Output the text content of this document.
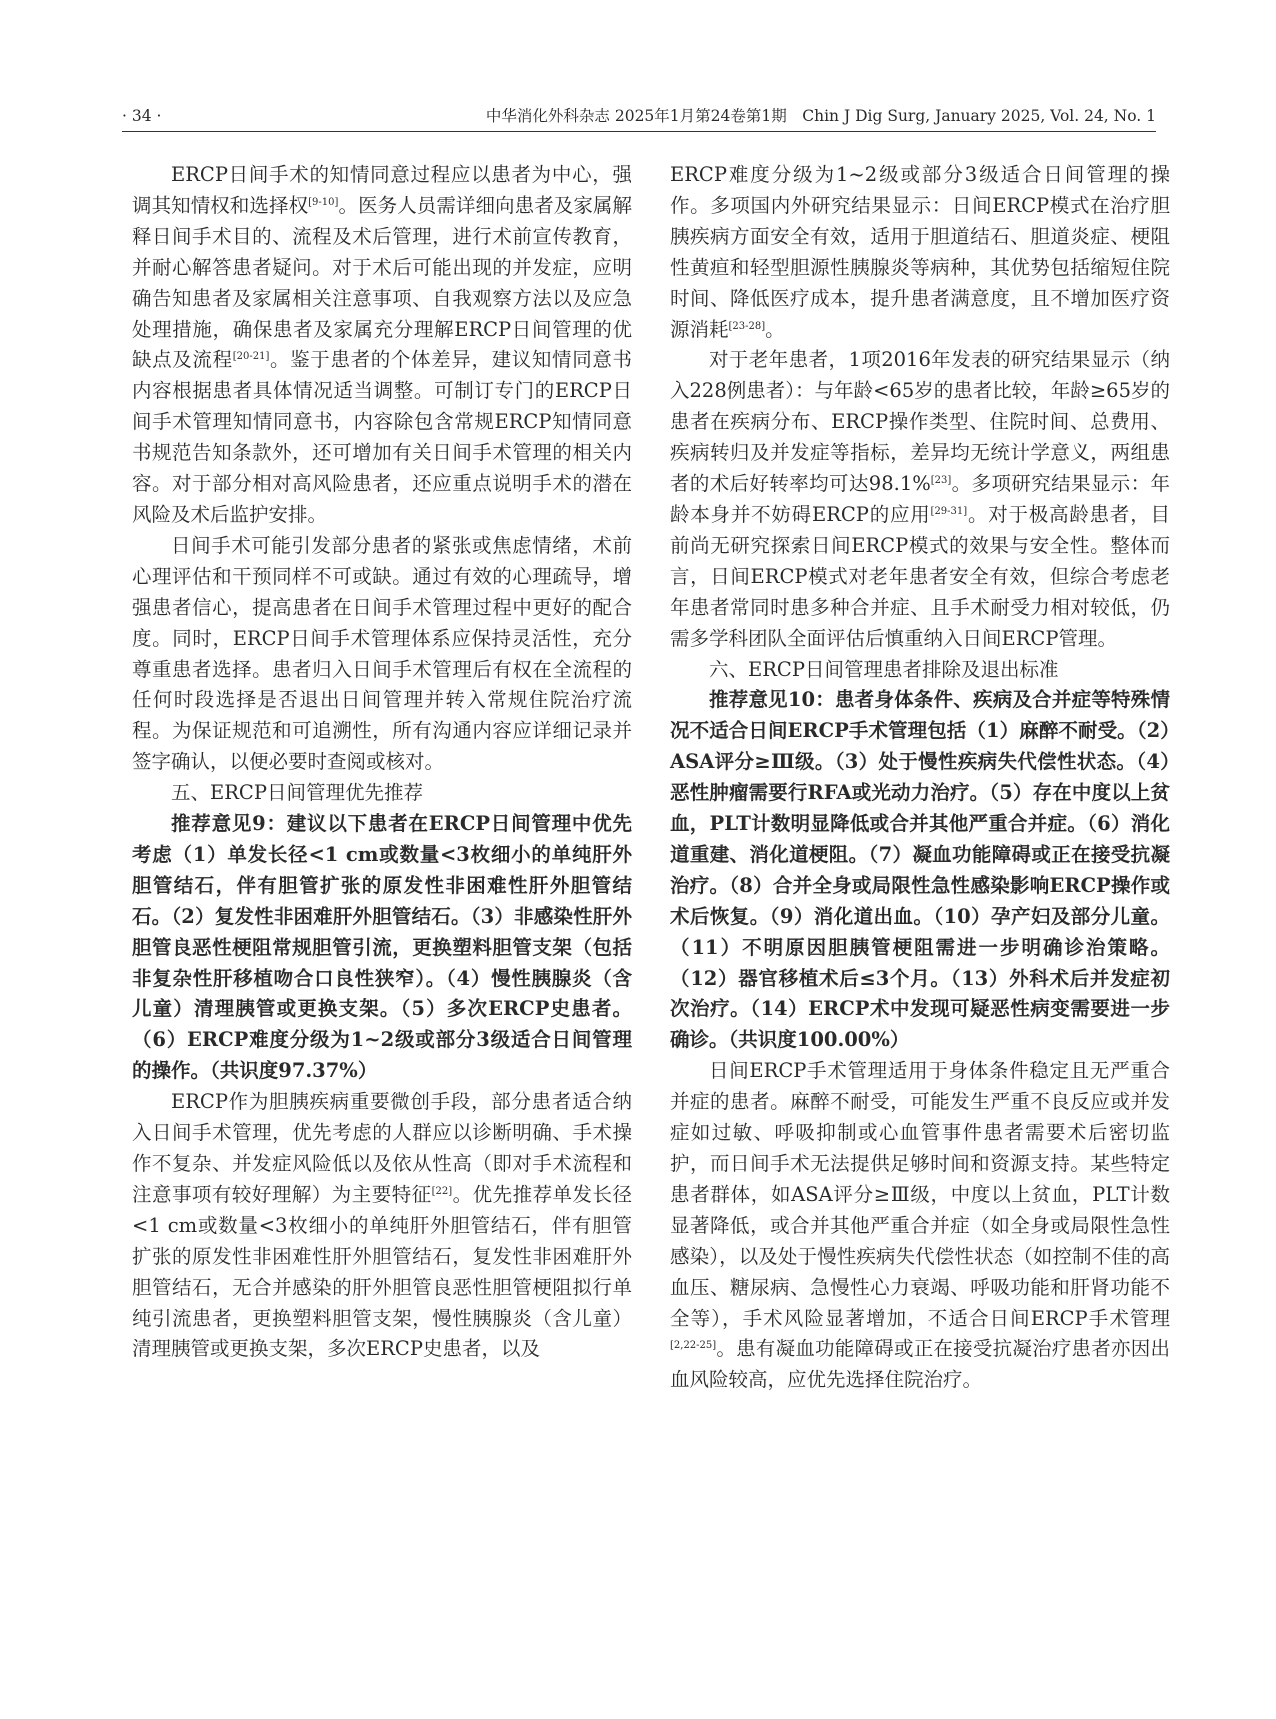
· 34 ·	中华消化外科杂志 2025年1月第24卷第1期　Chin J Dig Surg, January 2025, Vol. 24, No. 1

ERCP日间手术的知情同意过程应以患者为中心，强调其知情权和选择权[9-10]。医务人员需详细向患者及家属解释日间手术目的、流程及术后管理，进行术前宣传教育，并耐心解答患者疑问。对于术后可能出现的并发症，应明确告知患者及家属相关注意事项、自我观察方法以及应急处理措施，确保患者及家属充分理解ERCP日间管理的优缺点及流程[20-21]。鉴于患者的个体差异，建议知情同意书内容根据患者具体情况适当调整。可制订专门的ERCP日间手术管理知情同意书，内容除包含常规ERCP知情同意书规范告知条款外，还可增加有关日间手术管理的相关内容。对于部分相对高风险患者，还应重点说明手术的潜在风险及术后监护安排。

日间手术可能引发部分患者的紧张或焦虑情绪，术前心理评估和干预同样不可或缺。通过有效的心理疏导，增强患者信心，提高患者在日间手术管理过程中更好的配合度。同时，ERCP日间手术管理体系应保持灵活性，充分尊重患者选择。患者归入日间手术管理后有权在全流程的任何时段选择是否退出日间管理并转入常规住院治疗流程。为保证规范和可追溯性，所有沟通内容应详细记录并签字确认，以便必要时查阅或核对。

五、ERCP日间管理优先推荐

推荐意见9：建议以下患者在ERCP日间管理中优先考虑（1）单发长径<1 cm或数量<3枚细小的单纯肝外胆管结石，伴有胆管扩张的原发性非困难性肝外胆管结石。（2）复发性非困难肝外胆管结石。（3）非感染性肝外胆管良恶性梗阻常规胆管引流，更换塑料胆管支架（包括非复杂性肝移植吻合口良性狭窄）。（4）慢性胰腺炎（含儿童）清理胰管或更换支架。（5）多次ERCP史患者。（6）ERCP难度分级为1~2级或部分3级适合日间管理的操作。（共识度97.37%）

ERCP作为胆胰疾病重要微创手段，部分患者适合纳入日间手术管理，优先考虑的人群应以诊断明确、手术操作不复杂、并发症风险低以及依从性高（即对手术流程和注意事项有较好理解）为主要特征[22]。优先推荐单发长径<1 cm或数量<3枚细小的单纯肝外胆管结石，伴有胆管扩张的原发性非困难性肝外胆管结石，复发性非困难肝外胆管结石，无合并感染的肝外胆管良恶性胆管梗阻拟行单纯引流患者，更换塑料胆管支架，慢性胰腺炎（含儿童）清理胰管或更换支架，多次ERCP史患者，以及

ERCP难度分级为1~2级或部分3级适合日间管理的操作。多项国内外研究结果显示：日间ERCP模式在治疗胆胰疾病方面安全有效，适用于胆道结石、胆道炎症、梗阻性黄疸和轻型胆源性胰腺炎等病种，其优势包括缩短住院时间、降低医疗成本，提升患者满意度，且不增加医疗资源消耗[23-28]。

对于老年患者，1项2016年发表的研究结果显示（纳入228例患者）：与年龄<65岁的患者比较，年龄≥65岁的患者在疾病分布、ERCP操作类型、住院时间、总费用、疾病转归及并发症等指标，差异均无统计学意义，两组患者的术后好转率均可达98.1%[23]。多项研究结果显示：年龄本身并不妨碍ERCP的应用[29-31]。对于极高龄患者，目前尚无研究探索日间ERCP模式的效果与安全性。整体而言，日间ERCP模式对老年患者安全有效，但综合考虑老年患者常同时患多种合并症、且手术耐受力相对较低，仍需多学科团队全面评估后慎重纳入日间ERCP管理。

六、ERCP日间管理患者排除及退出标准

推荐意见10：患者身体条件、疾病及合并症等特殊情况不适合日间ERCP手术管理包括（1）麻醉不耐受。（2）ASA评分≥Ⅲ级。（3）处于慢性疾病失代偿性状态。（4）恶性肿瘤需要行RFA或光动力治疗。（5）存在中度以上贫血，PLT计数明显降低或合并其他严重合并症。（6）消化道重建、消化道梗阻。（7）凝血功能障碍或正在接受抗凝治疗。（8）合并全身或局限性急性感染影响ERCP操作或术后恢复。（9）消化道出血。（10）孕产妇及部分儿童。（11）不明原因胆胰管梗阻需进一步明确诊治策略。（12）器官移植术后≤3个月。（13）外科术后并发症初次治疗。（14）ERCP术中发现可疑恶性病变需要进一步确诊。（共识度100.00%）

日间ERCP手术管理适用于身体条件稳定且无严重合并症的患者。麻醉不耐受，可能发生严重不良反应或并发症如过敏、呼吸抑制或心血管事件患者需要术后密切监护，而日间手术无法提供足够时间和资源支持。某些特定患者群体，如ASA评分≥Ⅲ级，中度以上贫血，PLT计数显著降低，或合并其他严重合并症（如全身或局限性急性感染），以及处于慢性疾病失代偿性状态（如控制不佳的高血压、糖尿病、急慢性心力衰竭、呼吸功能和肝肾功能不全等），手术风险显著增加，不适合日间ERCP手术管理[2,22-25]。患有凝血功能障碍或正在接受抗凝治疗患者亦因出血风险较高，应优先选择住院治疗。
